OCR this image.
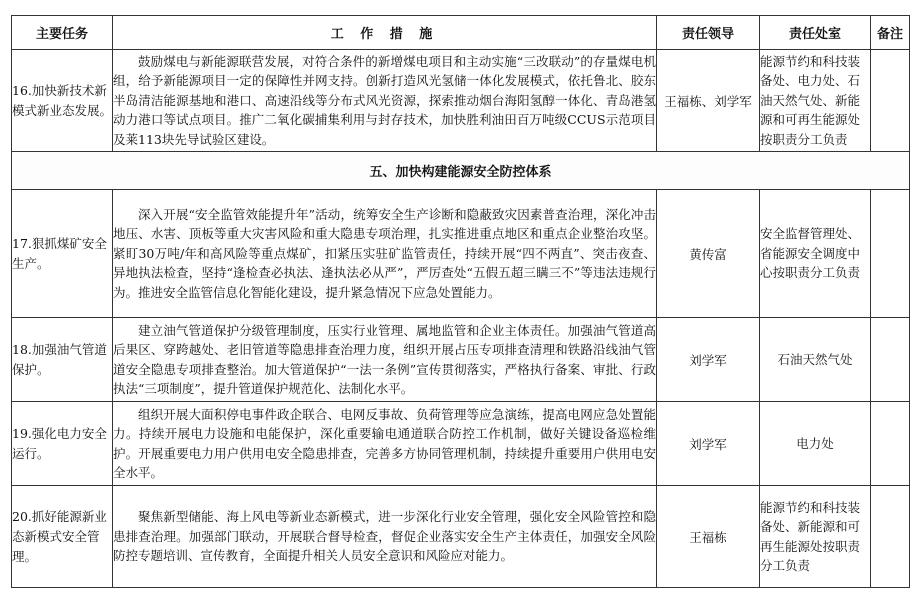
主要任务	工 作 措 施	责任领导	责任处室	备注
16.加快新技术新模式新业态发展。	鼓励煤电与新能源联营发展，对符合条件的新增煤电项目和主动实施“三改联动”的存量煤电机组，给予新能源项目一定的保障性并网支持。创新打造风光氢储一体化发展模式，依托鲁北、胶东半岛清洁能源基地和港口、高速沿线等分布式风光资源，探索推动烟台海阳氢醇一体化、青岛港氢动力港口等试点项目。推广二氧化碳捕集利用与封存技术，加快胜利油田百万吨级CCUS示范项目及莱113块先导试验区建设。	王福栋、刘学军	能源节约和科技装备处、电力处、石油天然气处、新能源和可再生能源处按职责分工负责	
五、加快构建能源安全防控体系				
17.狠抓煤矿安全生产。	深入开展“安全监管效能提升年”活动，统筹安全生产诊断和隐蔽致灾因素普查治理，深化冲击地压、水害、顶板等重大灾害风险和重大隐患专项治理，扎实推进重点地区和重点企业整治攻坚。紧盯30万吨/年和高风险等重点煤矿，扣紧压实驻矿监管责任，持续开展“四不两直”、突击夜查、异地执法检查，坚持“逢检查必执法、逢执法必从严”，严厉查处“五假五超三瞒三不”等违法违规行为。推进安全监管信息化智能化建设，提升紧急情况下应急处置能力。	黄传富	安全监督管理处、省能源安全调度中心按职责分工负责	
18.加强油气管道保护。	建立油气管道保护分级管理制度，压实行业管理、属地监管和企业主体责任。加强油气管道高后果区、穿跨越处、老旧管道等隐患排查治理力度，组织开展占压专项排查清理和铁路沿线油气管道安全隐患专项排查整治。加大管道保护“一法一条例”宣传贯彻落实，严格执行备案、审批、行政执法“三项制度”，提升管道保护规范化、法制化水平。	刘学军	石油天然气处	
19.强化电力安全运行。	组织开展大面积停电事件政企联合、电网反事故、负荷管理等应急演练，提高电网应急处置能力。持续开展电力设施和电能保护，深化重要输电通道联合防控工作机制，做好关键设备巡检维护。开展重要电力用户供用电安全隐患排查，完善多方协同管理机制，持续提升重要用户供用电安全水平。	刘学军	电力处	
20.抓好能源新业态新模式安全管理。	聚焦新型储能、海上风电等新业态新模式，进一步深化行业安全管理，强化安全风险管控和隐患排查治理。加强部门联动，开展联合督导检查，督促企业落实安全生产主体责任，加强安全风险防控专题培训、宣传教育，全面提升相关人员安全意识和风险应对能力。	王福栋	能源节约和科技装备处、新能源和可再生能源处按职责分工负责	
